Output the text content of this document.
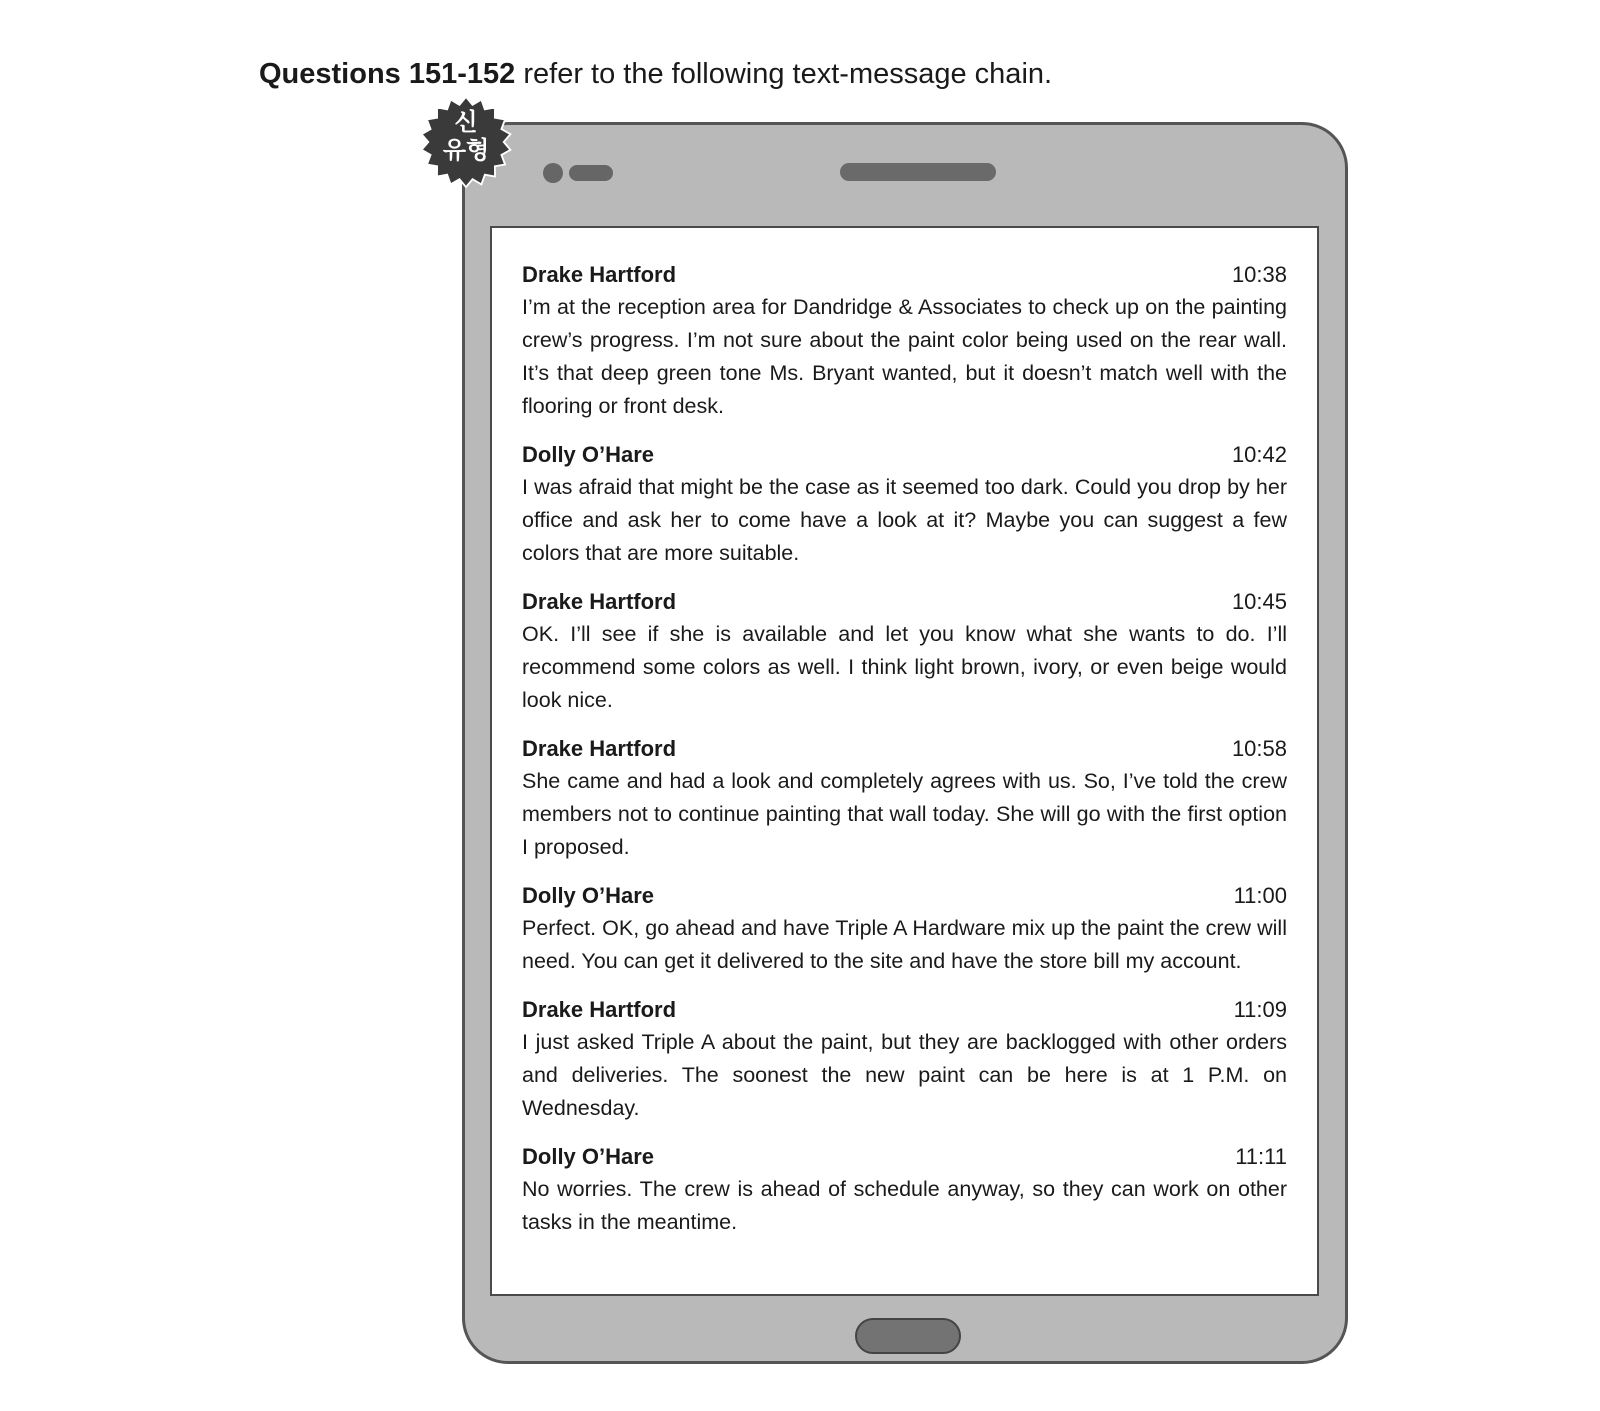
Questions 151-152 refer to the following text-message chain.
Drake Hartford	10:38
I’m at the reception area for Dandridge & Associates to check up on the painting crew’s progress. I’m not sure about the paint color being used on the rear wall. It’s that deep green tone Ms. Bryant wanted, but it doesn’t match well with the flooring or front desk.
Dolly O’Hare	10:42
I was afraid that might be the case as it seemed too dark. Could you drop by her office and ask her to come have a look at it? Maybe you can suggest a few colors that are more suitable.
Drake Hartford	10:45
OK. I’ll see if she is available and let you know what she wants to do. I’ll recommend some colors as well. I think light brown, ivory, or even beige would look nice.
Drake Hartford	10:58
She came and had a look and completely agrees with us. So, I’ve told the crew members not to continue painting that wall today. She will go with the first option I proposed.
Dolly O’Hare	11:00
Perfect. OK, go ahead and have Triple A Hardware mix up the paint the crew will need. You can get it delivered to the site and have the store bill my account.
Drake Hartford	11:09
I just asked Triple A about the paint, but they are backlogged with other orders and deliveries. The soonest the new paint can be here is at 1 P.M. on Wednesday.
Dolly O’Hare	11:11
No worries. The crew is ahead of schedule anyway, so they can work on other tasks in the meantime.
신
유형
